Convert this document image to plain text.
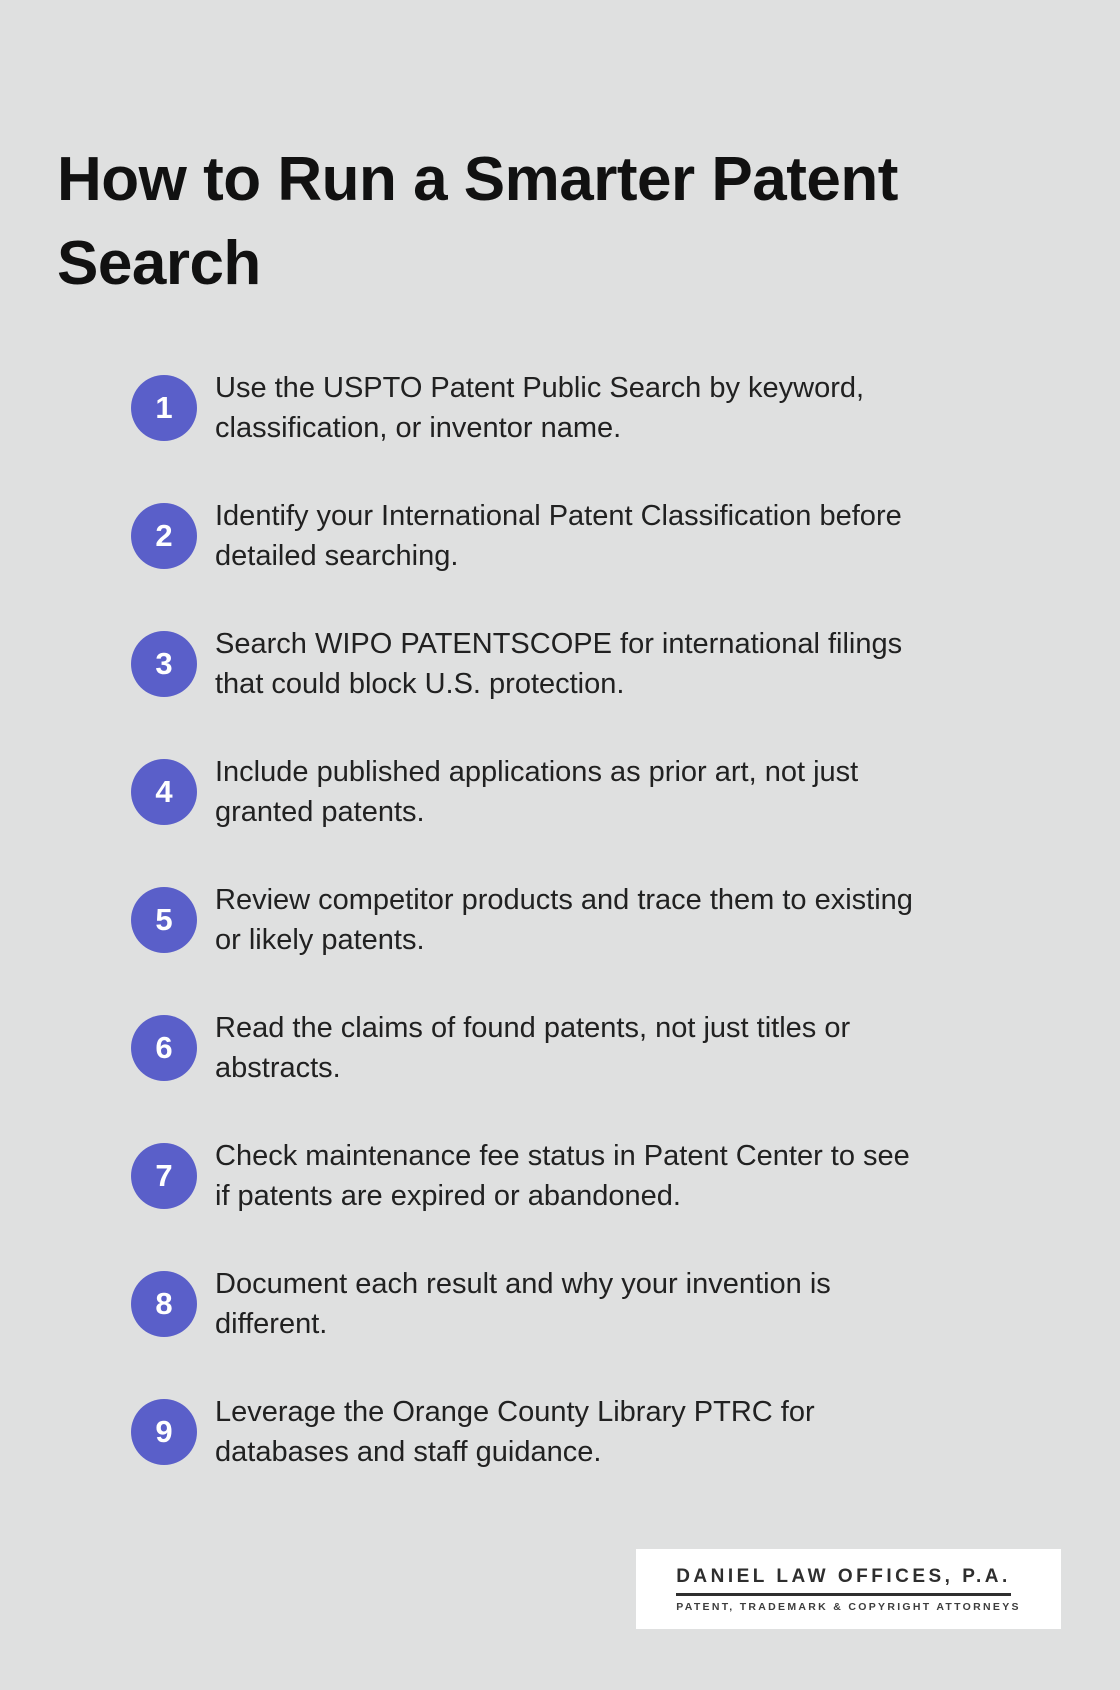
How to Run a Smarter Patent Search
1
Use the USPTO Patent Public Search by keyword,
classification, or inventor name.
2
Identify your International Patent Classification before
detailed searching.
3
Search WIPO PATENTSCOPE for international filings
that could block U.S. protection.
4
Include published applications as prior art, not just
granted patents.
5
Review competitor products and trace them to existing
or likely patents.
6
Read the claims of found patents, not just titles or
abstracts.
7
Check maintenance fee status in Patent Center to see
if patents are expired or abandoned.
8
Document each result and why your invention is
different.
9
Leverage the Orange County Library PTRC for
databases and staff guidance.
DANIEL LAW OFFICES, P.A.
PATENT, TRADEMARK & COPYRIGHT ATTORNEYS
